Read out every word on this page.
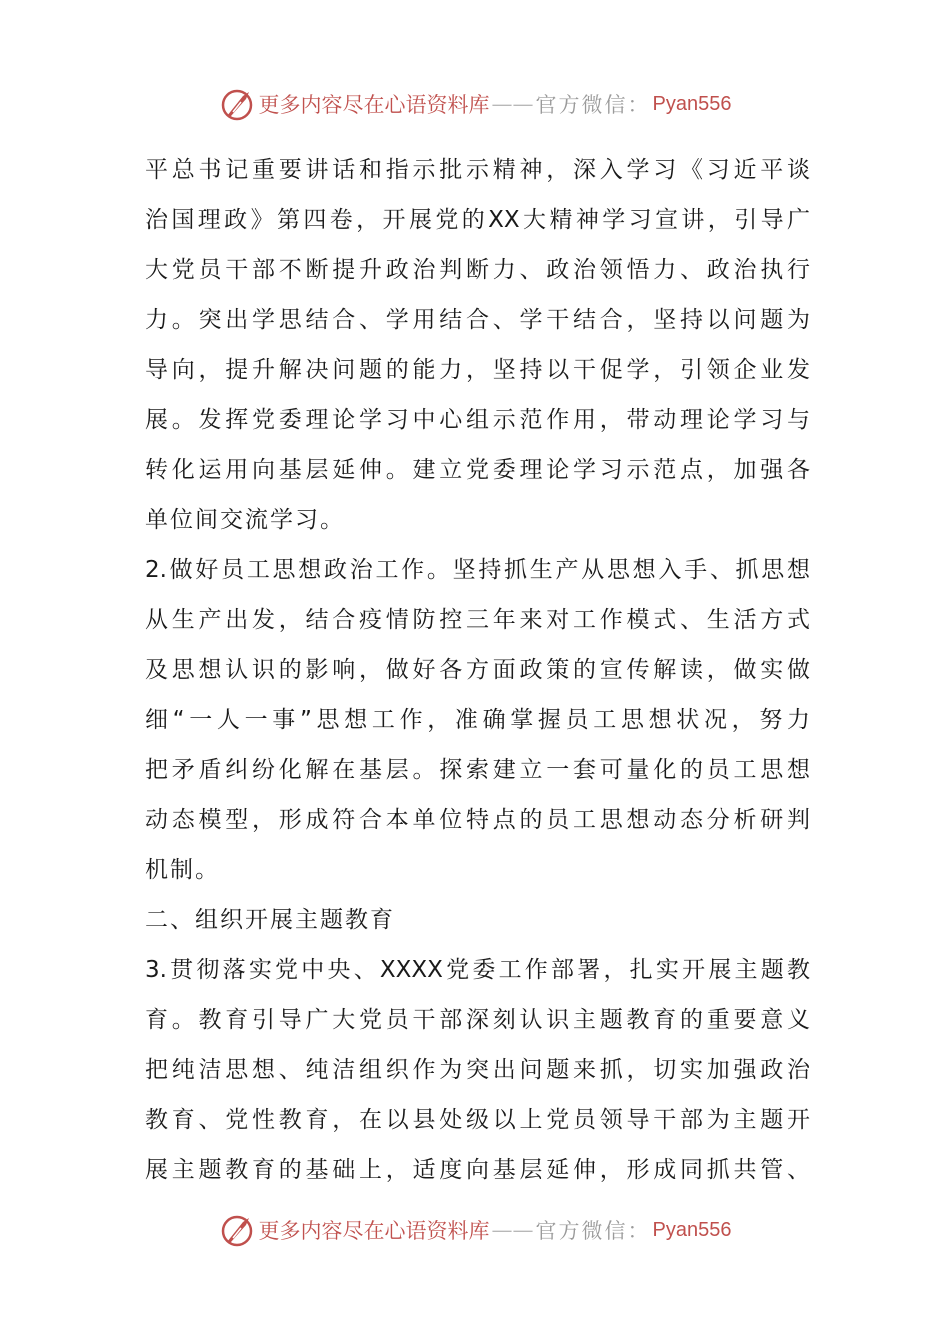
更多内容尽在心语资料库 —— 官方微信： Pyan556
平总书记重要讲话和指示批示精神，深入学习《习近平谈
治国理政》第四卷，开展党的XX大精神学习宣讲，引导广
大党员干部不断提升政治判断力、政治领悟力、政治执行
力。突出学思结合、学用结合、学干结合，坚持以问题为
导向，提升解决问题的能力，坚持以干促学，引领企业发
展。发挥党委理论学习中心组示范作用，带动理论学习与
转化运用向基层延伸。建立党委理论学习示范点，加强各
单位间交流学习。
2.做好员工思想政治工作。坚持抓生产从思想入手、抓思想
从生产出发，结合疫情防控三年来对工作模式、生活方式
及思想认识的影响，做好各方面政策的宣传解读，做实做
细“一人一事”思想工作，准确掌握员工思想状况，努力
把矛盾纠纷化解在基层。探索建立一套可量化的员工思想
动态模型，形成符合本单位特点的员工思想动态分析研判
机制。
二、组织开展主题教育
3.贯彻落实党中央、XXXX党委工作部署，扎实开展主题教
育。教育引导广大党员干部深刻认识主题教育的重要意义
把纯洁思想、纯洁组织作为突出问题来抓，切实加强政治
教育、党性教育，在以县处级以上党员领导干部为主题开
展主题教育的基础上，适度向基层延伸，形成同抓共管、
更多内容尽在心语资料库 —— 官方微信： Pyan556
